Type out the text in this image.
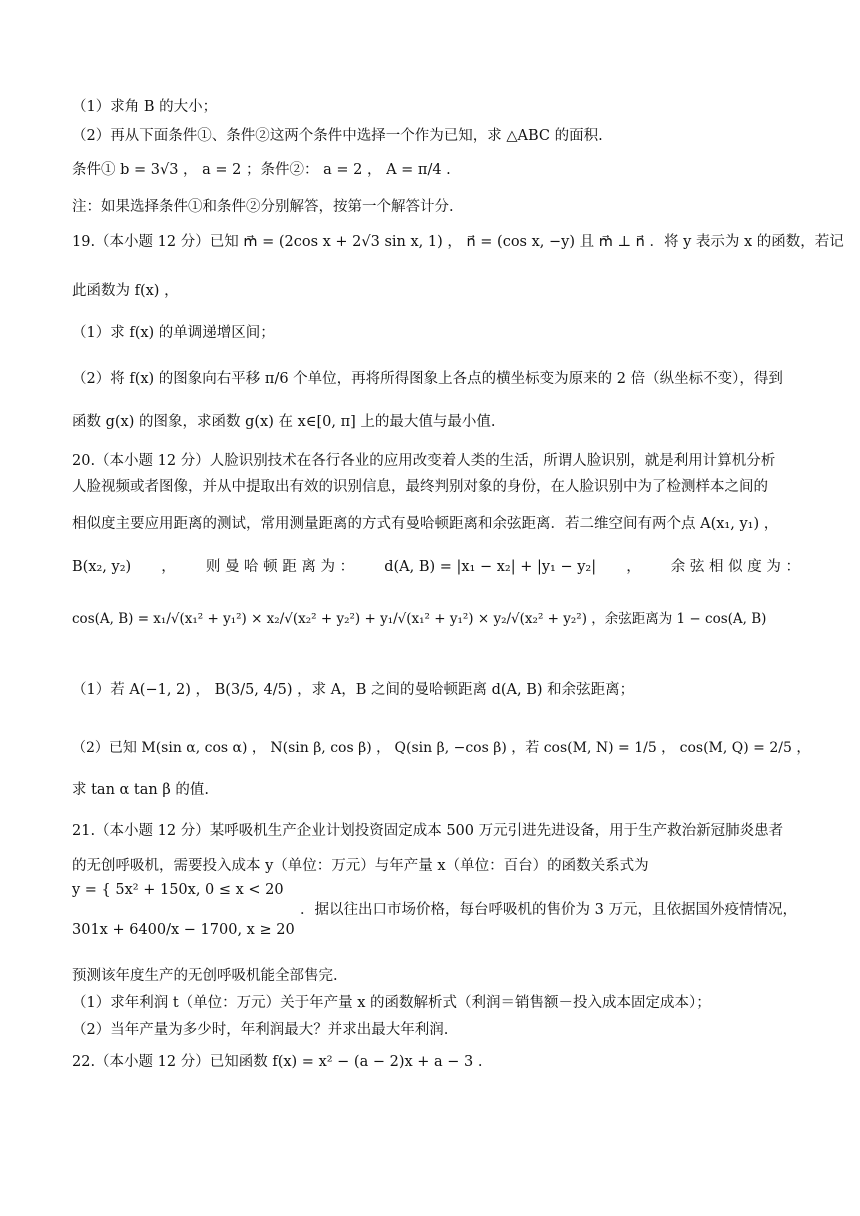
（1）求角 B 的大小；
（2）再从下面条件①、条件②这两个条件中选择一个作为已知，求 △ABC 的面积.
条件① b = 3√3 ， a = 2 ；条件②： a = 2 ， A = π/4 .
注：如果选择条件①和条件②分别解答，按第一个解答计分.
19.（本小题 12 分）已知 m⃗ = (2cos x + 2√3 sin x, 1) ， n⃗ = (cos x, −y) 且 m⃗ ⊥ n⃗ ．将 y 表示为 x 的函数，若记
此函数为 f(x) ，
（1）求 f(x) 的单调递增区间；
（2）将 f(x) 的图象向右平移 π/6 个单位，再将所得图象上各点的横坐标变为原来的 2 倍（纵坐标不变），得到
函数 g(x) 的图象，求函数 g(x) 在 x∈[0, π] 上的最大值与最小值.
20.（本小题 12 分）人脸识别技术在各行各业的应用改变着人类的生活，所谓人脸识别，就是利用计算机分析
人脸视频或者图像，并从中提取出有效的识别信息，最终判别对象的身份，在人脸识别中为了检测样本之间的
相似度主要应用距离的测试，常用测量距离的方式有曼哈顿距离和余弦距离．若二维空间有两个点 A(x₁, y₁) ，
B(x₂, y₂) ， 则 曼 哈 顿 距 离 为 ： d(A, B) = |x₁ − x₂| + |y₁ − y₂| ， 余 弦 相 似 度 为 ：
cos(A, B) = x₁/√(x₁² + y₁²) × x₂/√(x₂² + y₂²) + y₁/√(x₁² + y₁²) × y₂/√(x₂² + y₂²) ，余弦距离为 1 − cos(A, B)
（1）若 A(−1, 2) ， B(3/5, 4/5) ，求 A，B 之间的曼哈顿距离 d(A, B) 和余弦距离；
（2）已知 M(sin α, cos α) ， N(sin β, cos β) ， Q(sin β, −cos β) ，若 cos(M, N) = 1/5 ， cos(M, Q) = 2/5 ，
求 tan α tan β 的值.
21.（本小题 12 分）某呼吸机生产企业计划投资固定成本 500 万元引进先进设备，用于生产救治新冠肺炎患者
的无创呼吸机，需要投入成本 y（单位：万元）与年产量 x（单位：百台）的函数关系式为
y = { 5x² + 150x, 0 ≤ x < 20
301x + 6400/x − 1700, x ≥ 20
．据以往出口市场价格，每台呼吸机的售价为 3 万元，且依据国外疫情情况，
预测该年度生产的无创呼吸机能全部售完.
（1）求年利润 t（单位：万元）关于年产量 x 的函数解析式（利润＝销售额－投入成本固定成本）；
（2）当年产量为多少时，年利润最大？并求出最大年利润.
22.（本小题 12 分）已知函数 f(x) = x² − (a − 2)x + a − 3 .
